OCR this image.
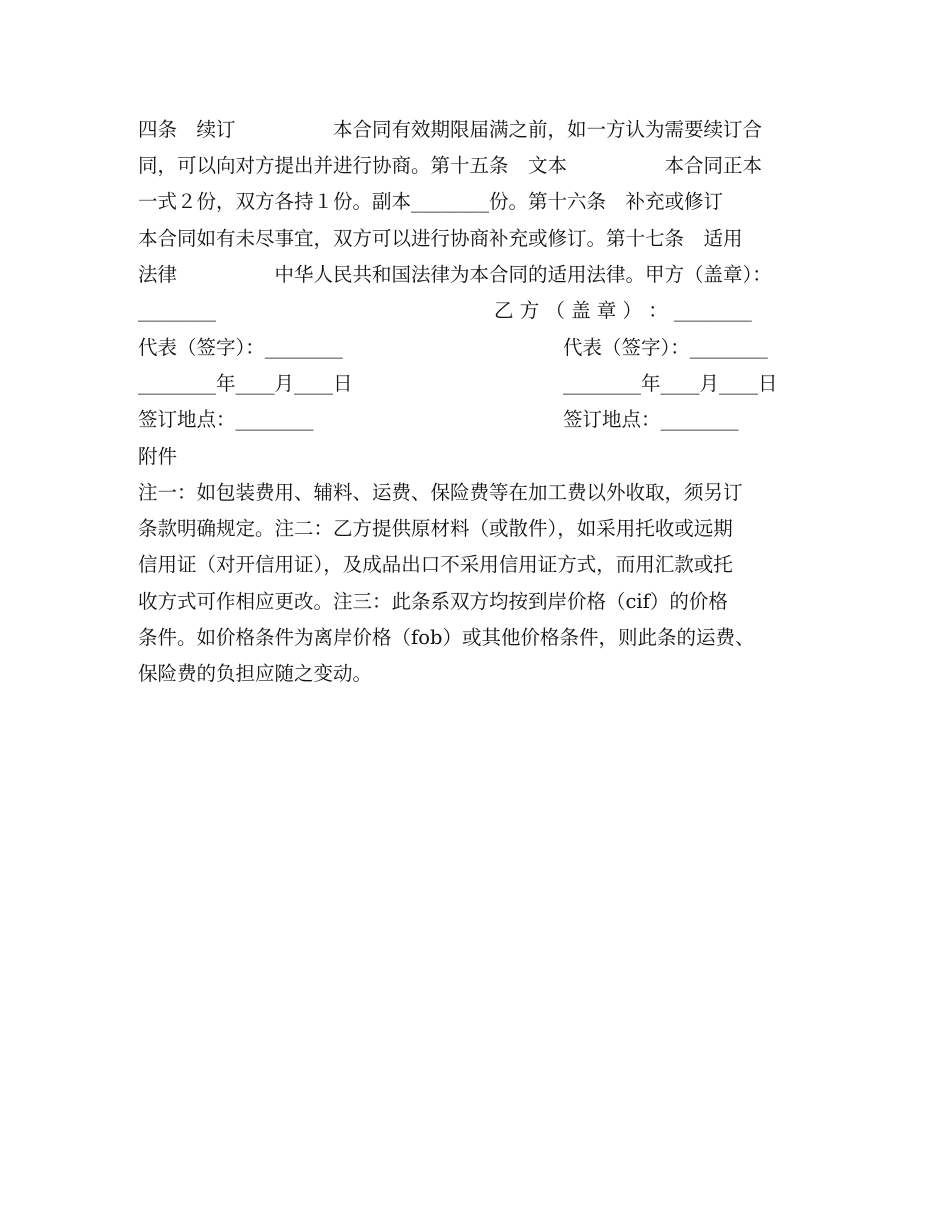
四条　续订　　　　　本合同有效期限届满之前，如一方认为需要续订合
同，可以向对方提出并进行协商。第十五条　文本　　　　　本合同正本
一式２份，双方各持１份。副本________份。第十六条　补充或修订
本合同如有未尽事宜，双方可以进行协商补充或修订。第十七条　适用
法律　　　　　中华人民共和国法律为本合同的适用法律。甲方（盖章）：
________	乙 方 （ 盖 章 ） ： ________
代表（签字）：________	代表（签字）：________
________年____月____日	________年____月____日
签订地点：________	签订地点：________
附件
注一：如包装费用、辅料、运费、保险费等在加工费以外收取，须另订
条款明确规定。注二：乙方提供原材料（或散件），如采用托收或远期
信用证（对开信用证），及成品出口不采用信用证方式，而用汇款或托
收方式可作相应更改。注三：此条系双方均按到岸价格（cif）的价格
条件。如价格条件为离岸价格（fob）或其他价格条件，则此条的运费、
保险费的负担应随之变动。
